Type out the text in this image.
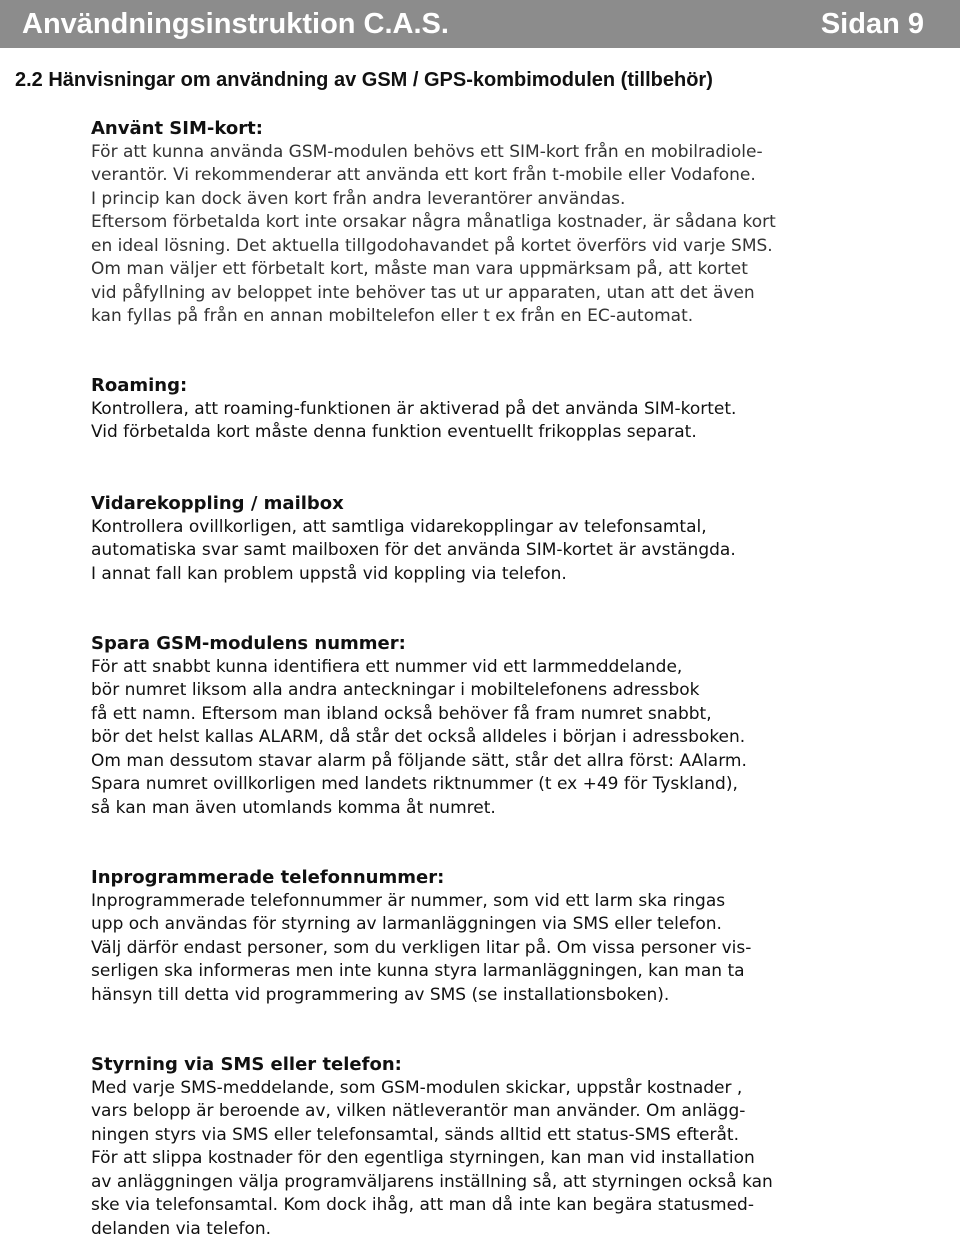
Användningsinstruktion C.A.S.	Sidan 9
2.2 Hänvisningar om användning av GSM / GPS-kombimodulen (tillbehör)
Använt SIM-kort:
För att kunna använda GSM-modulen behövs ett SIM-kort från en mobilradiole-
verantör. Vi rekommenderar att använda ett kort från t-mobile eller Vodafone.
I princip kan dock även kort från andra leverantörer användas.
Eftersom förbetalda kort inte orsakar några månatliga kostnader, är sådana kort
en ideal lösning. Det aktuella tillgodohavandet på kortet överförs vid varje SMS.
Om man väljer ett förbetalt kort, måste man vara uppmärksam på, att kortet
vid påfyllning av beloppet inte behöver tas ut ur apparaten, utan att det även
kan fyllas på från en annan mobiltelefon eller t ex från en EC-automat.
Roaming:
Kontrollera, att roaming-funktionen är aktiverad på det använda SIM-kortet.
Vid förbetalda kort måste denna funktion eventuellt frikopplas separat.
Vidarekoppling / mailbox
Kontrollera ovillkorligen, att samtliga vidarekopplingar av telefonsamtal,
automatiska svar samt mailboxen för det använda SIM-kortet är avstängda.
I annat fall kan problem uppstå vid koppling via telefon.
Spara GSM-modulens nummer:
För att snabbt kunna identifiera ett nummer vid ett larmmeddelande,
bör numret liksom alla andra anteckningar i mobiltelefonens adressbok
få ett namn. Eftersom man ibland också behöver få fram numret snabbt,
bör det helst kallas ALARM, då står det också alldeles i början i adressboken.
Om man dessutom stavar alarm på följande sätt, står det allra först: AAlarm.
Spara numret ovillkorligen med landets riktnummer (t ex +49 för Tyskland),
så kan man även utomlands komma åt numret.
Inprogrammerade telefonnummer:
Inprogrammerade telefonnummer är nummer, som vid ett larm ska ringas
upp och användas för styrning av larmanläggningen via SMS eller telefon.
Välj därför endast personer, som du verkligen litar på. Om vissa personer vis-
serligen ska informeras men inte kunna styra larmanläggningen, kan man ta
hänsyn till detta vid programmering av SMS (se installationsboken).
Styrning via SMS eller telefon:
Med varje SMS-meddelande, som GSM-modulen skickar, uppstår kostnader ,
vars belopp är beroende av, vilken nätleverantör man använder. Om anlägg-
ningen styrs via SMS eller telefonsamtal, sänds alltid ett status-SMS efteråt.
För att slippa kostnader för den egentliga styrningen, kan man vid installation
av anläggningen välja programväljarens inställning så, att styrningen också kan
ske via telefonsamtal. Kom dock ihåg, att man då inte kan begära statusmed-
delanden via telefon.
